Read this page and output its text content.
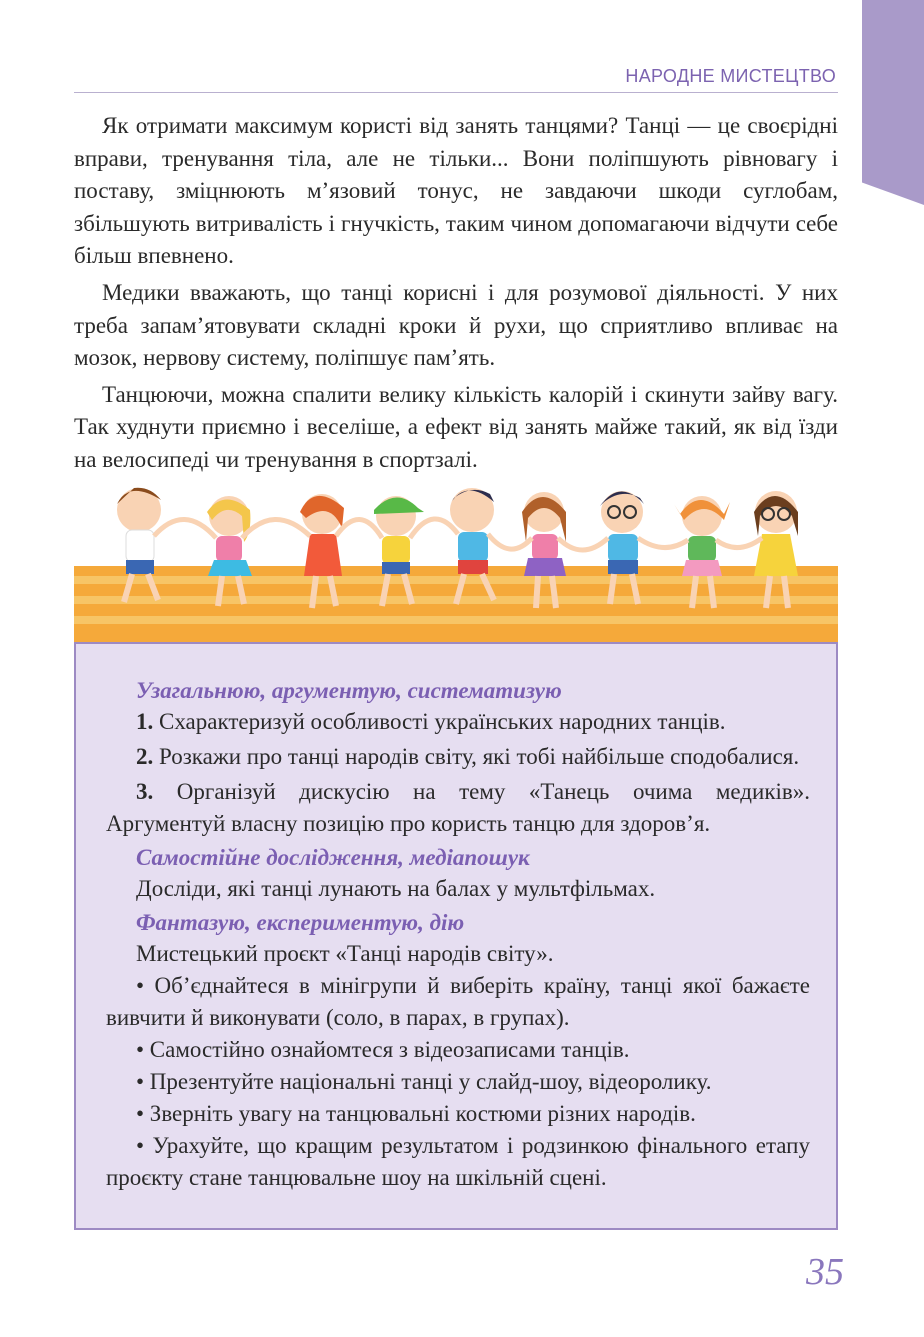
НАРОДНЕ МИСТЕЦТВО

Як отримати максимум користі від занять танцями? Танці — це своєрідні вправи, тренування тіла, але не тільки... Вони поліпшують рівновагу і поставу, зміцнюють м’язовий тонус, не завдаючи шкоди суглобам, збільшують витривалість і гнучкість, таким чином допомагаючи відчути себе більш впевнено.

Медики вважають, що танці корисні і для розумової діяльності. У них треба запам’ятовувати складні кроки й рухи, що сприятливо впливає на мозок, нервову систему, поліпшує пам’ять.

Танцюючи, можна спалити велику кількість калорій і скинути зайву вагу. Так худнути приємно і веселіше, а ефект від занять майже такий, як від їзди на велосипеді чи тренування в спортзалі.

Узагальнюю, аргументую, систематизую

1. Схарактеризуй особливості українських народних танців.

2. Розкажи про танці народів світу, які тобі найбільше сподобалися.

3. Організуй дискусію на тему «Танець очима медиків». Аргументуй власну позицію про користь танцю для здоров’я.

Самостійне дослідження, медіапошук

Досліди, які танці лунають на балах у мультфільмах.

Фантазую, експериментую, дію

Мистецький проєкт «Танці народів світу».

• Об’єднайтеся в мінігрупи й виберіть країну, танці якої бажаєте вивчити й виконувати (соло, в парах, в групах).

• Самостійно ознайомтеся з відеозаписами танців.

• Презентуйте національні танці у слайд-шоу, відеоролику.

• Зверніть увагу на танцювальні костюми різних народів.

• Урахуйте, що кращим результатом і родзинкою фінального етапу проєкту стане танцювальне шоу на шкільній сцені.

35
